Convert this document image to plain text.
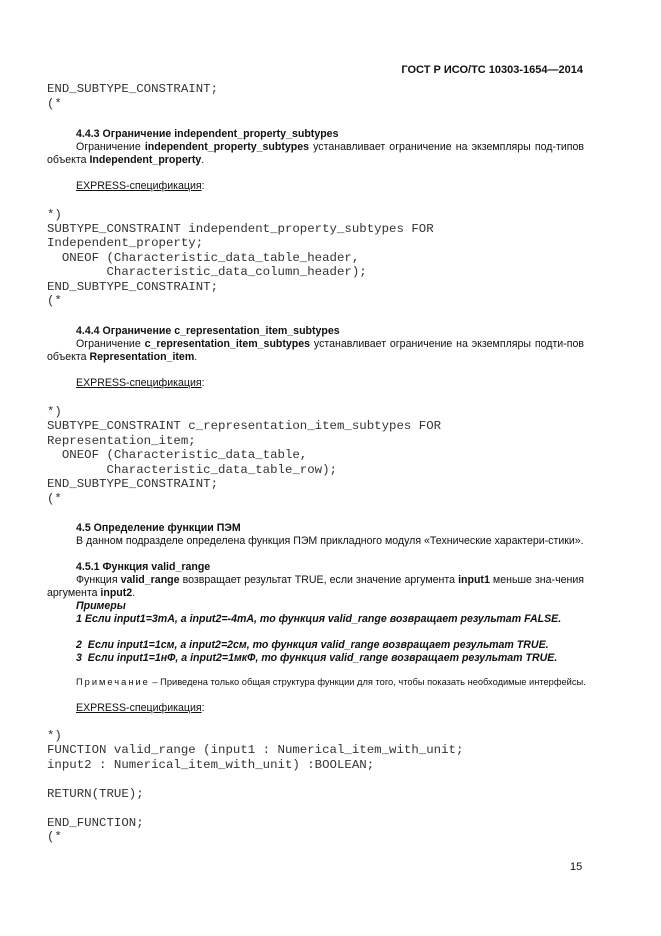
ГОСТ Р ИСО/ТС 10303-1654—2014
END_SUBTYPE_CONSTRAINT;
(*
4.4.3 Ограничение independent_property_subtypes
Ограничение independent_property_subtypes устанавливает ограничение на экземпляры под-типов объекта Independent_property.
EXPRESS-спецификация:
*)
SUBTYPE_CONSTRAINT independent_property_subtypes FOR
Independent_property;
ONEOF (Characteristic_data_table_header,
Characteristic_data_column_header);
END_SUBTYPE_CONSTRAINT;
(*
4.4.4 Ограничение c_representation_item_subtypes
Ограничение c_representation_item_subtypes устанавливает ограничение на экземпляры подти-пов объекта Representation_item.
EXPRESS-спецификация:
*)
SUBTYPE_CONSTRAINT c_representation_item_subtypes FOR
Representation_item;
ONEOF (Characteristic_data_table,
Characteristic_data_table_row);
END_SUBTYPE_CONSTRAINT;
(*
4.5 Определение функции ПЭМ
В данном подразделе определена функция ПЭМ прикладного модуля «Технические характери-стики».
4.5.1 Функция valid_range
Функция valid_range возвращает результат TRUE, если значение аргумента input1 меньше зна-чения аргумента input2.
Примеры
1 Если input1=3mA, a input2=-4mA, то функция valid_range возвращает результат FALSE.
2  Если input1=1см, а input2=2см, то функция valid_range возвращает результат TRUE.
3  Если input1=1нФ, а input2=1мкФ, то функция valid_range возвращает результат TRUE.
Примечание – Приведена только общая структура функции для того, чтобы показать необходимые интерфейсы.
EXPRESS-спецификация:
*)
FUNCTION valid_range (input1 : Numerical_item_with_unit;
input2 : Numerical_item_with_unit) :BOOLEAN;
RETURN(TRUE);
END_FUNCTION;
(*
15
